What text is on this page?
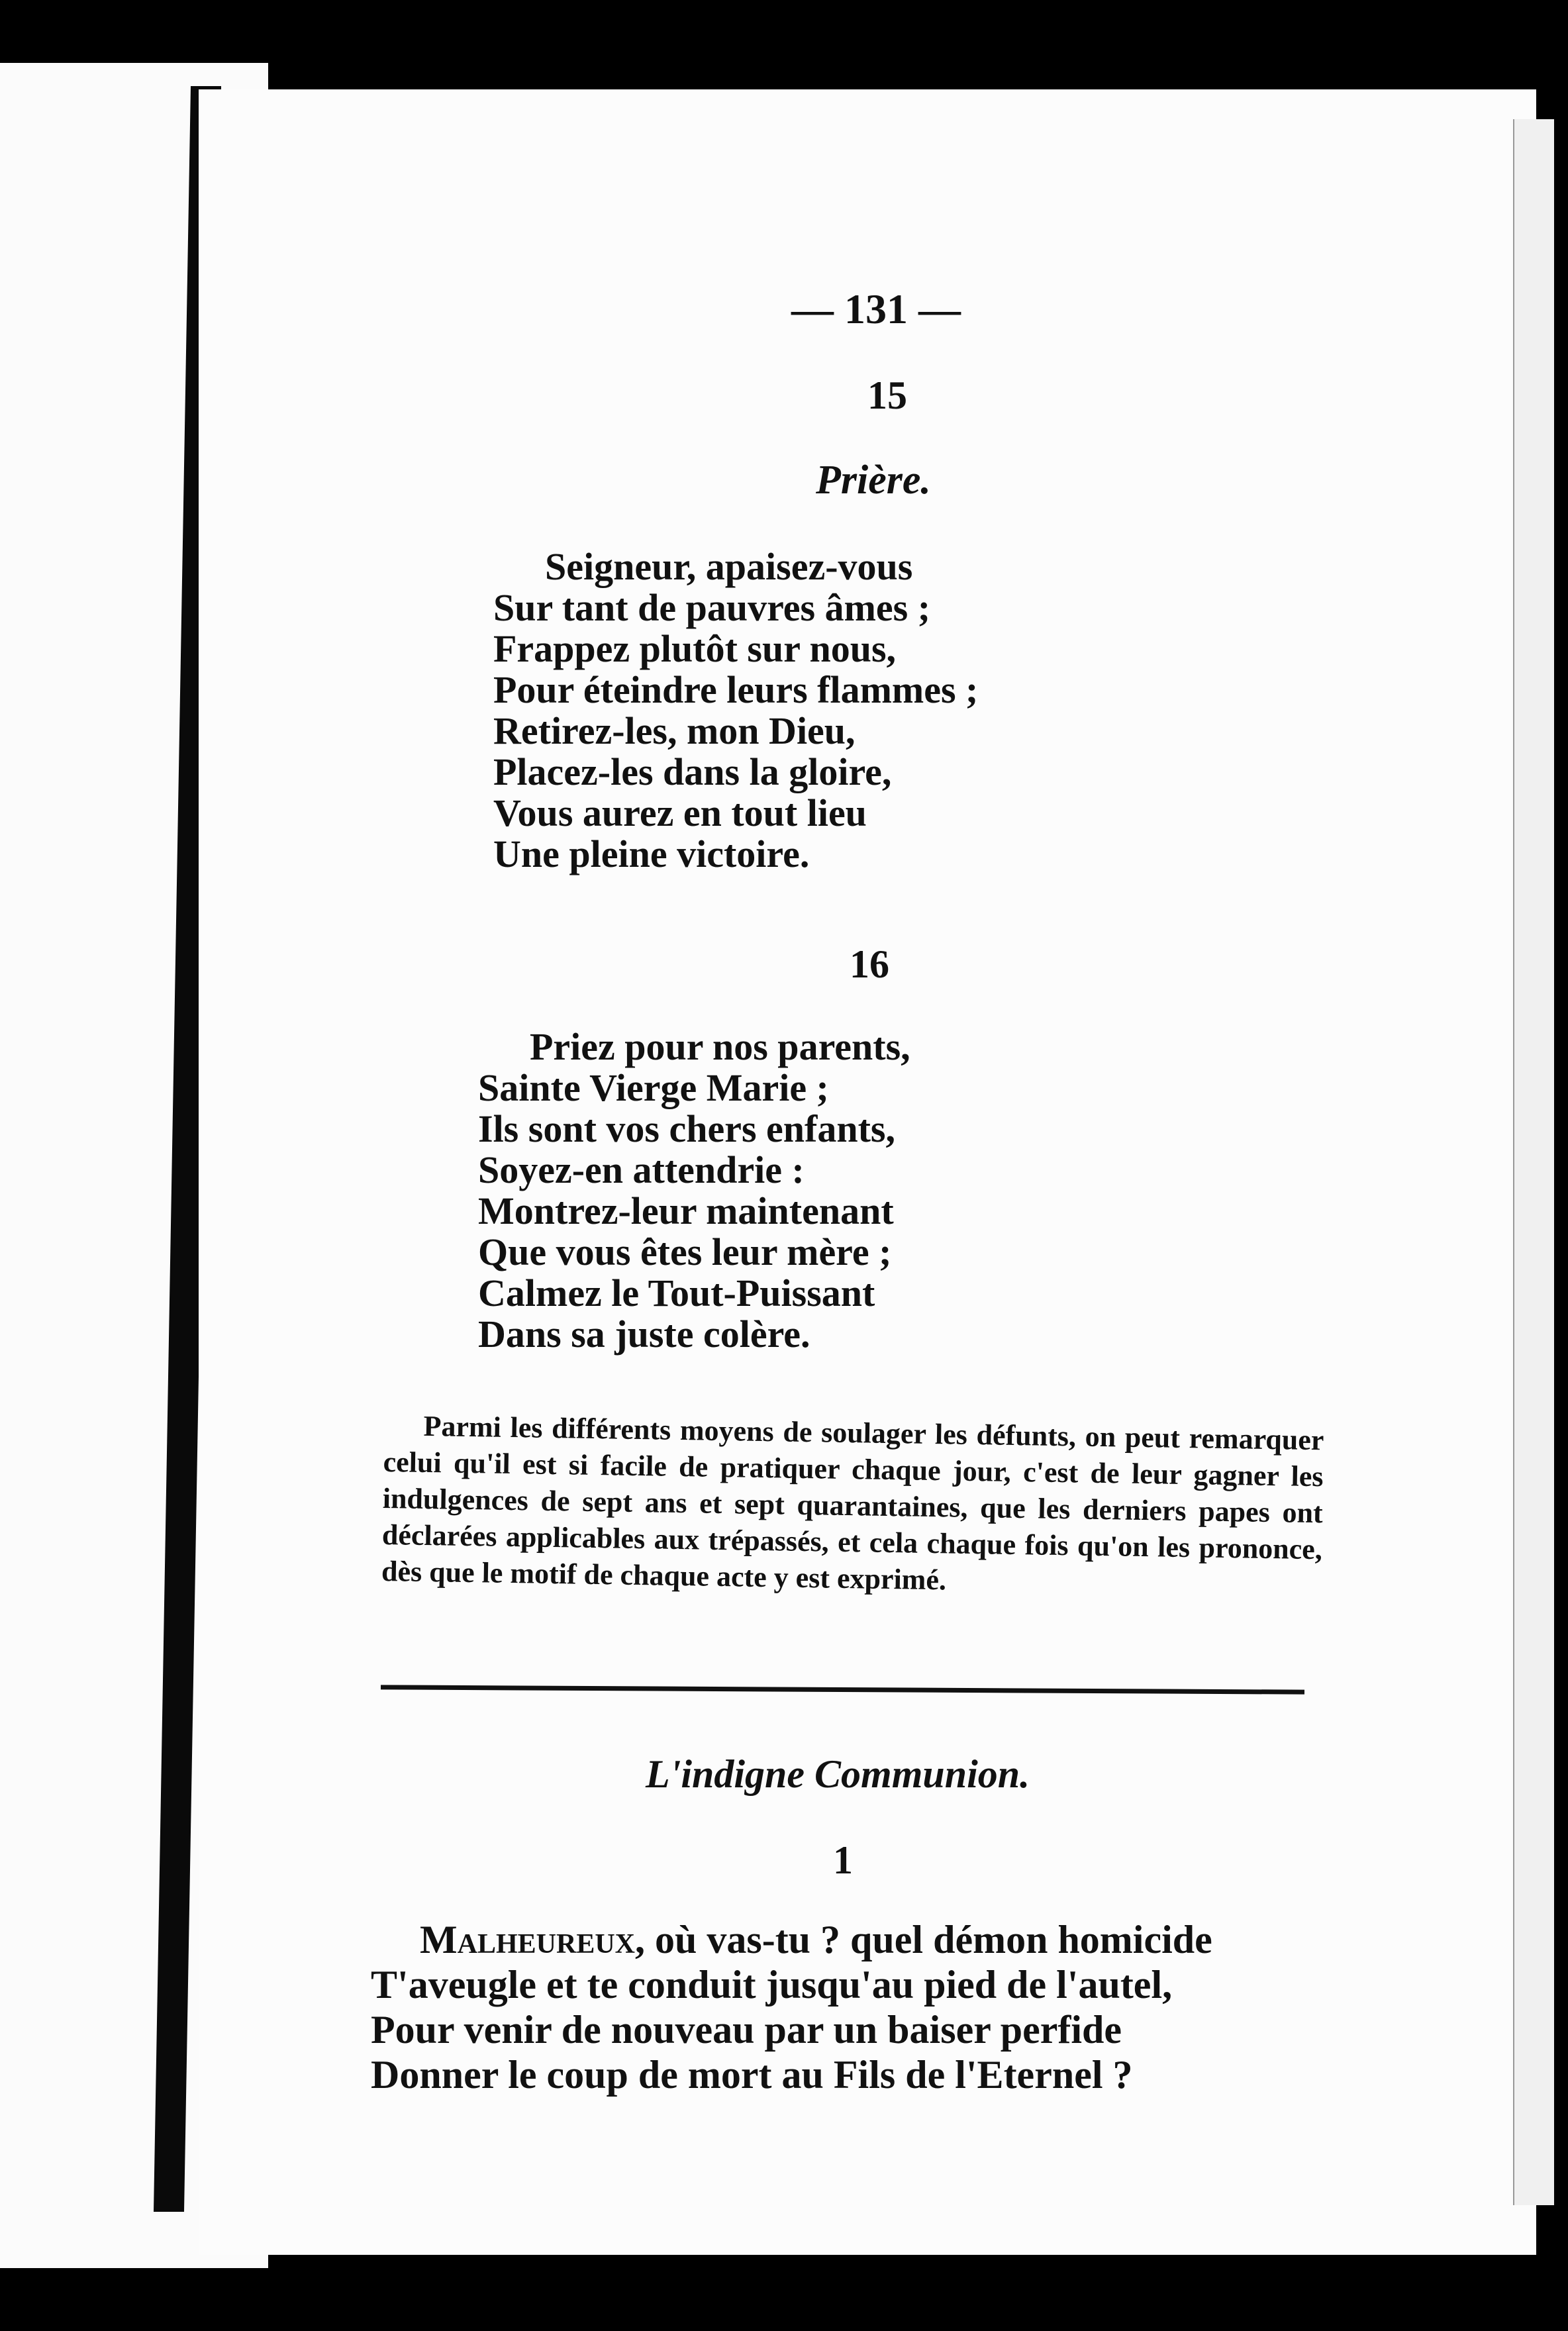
— 131 —
15
Prière.
Seigneur, apaisez-vous
Sur tant de pauvres âmes ;
Frappez plutôt sur nous,
Pour éteindre leurs flammes ;
Retirez-les, mon Dieu,
Placez-les dans la gloire,
Vous aurez en tout lieu
Une pleine victoire.
16
Priez pour nos parents,
Sainte Vierge Marie ;
Ils sont vos chers enfants,
Soyez-en attendrie :
Montrez-leur maintenant
Que vous êtes leur mère ;
Calmez le Tout-Puissant
Dans sa juste colère.
Parmi les différents moyens de soulager les défunts, on peut remarquer celui qu'il est si facile de pratiquer chaque jour, c'est de leur gagner les indulgences de sept ans et sept quarantaines, que les derniers papes ont déclarées applicables aux trépassés, et cela chaque fois qu'on les prononce, dès que le motif de chaque acte y est exprimé.
L'indigne Communion.
1
Malheureux, où vas-tu ? quel démon homicide
T'aveugle et te conduit jusqu'au pied de l'autel,
Pour venir de nouveau par un baiser perfide
Donner le coup de mort au Fils de l'Eternel ?
